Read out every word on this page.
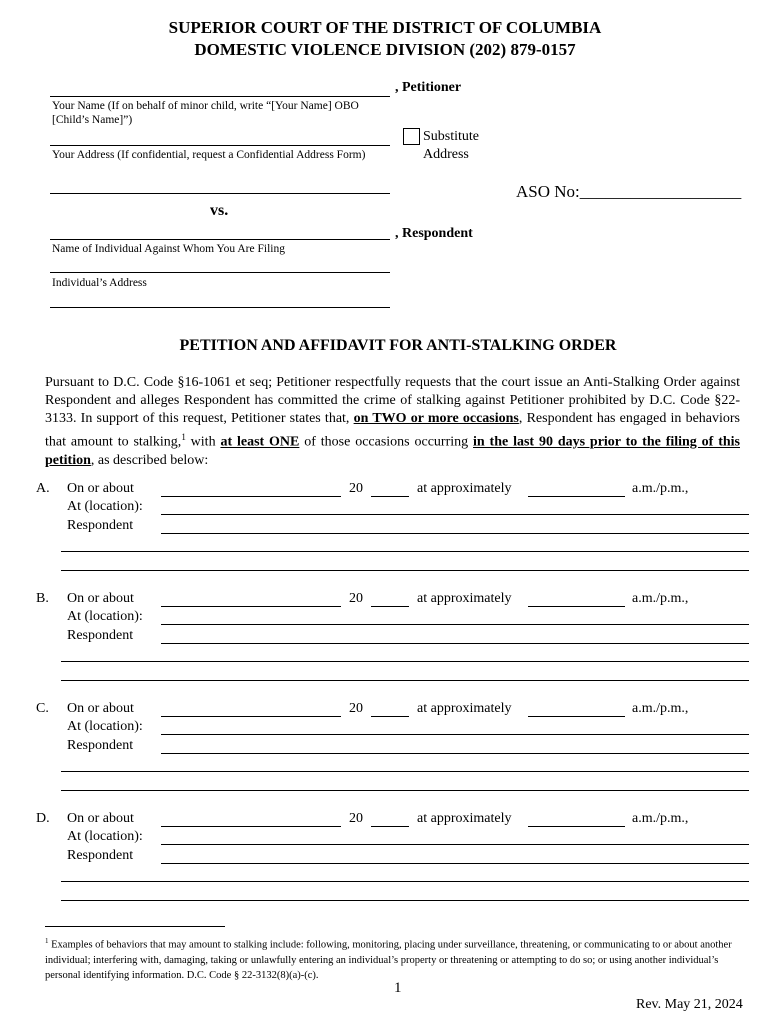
SUPERIOR COURT OF THE DISTRICT OF COLUMBIA
DOMESTIC VIOLENCE DIVISION (202) 879-0157
, Petitioner
Your Name (If on behalf of minor child, write “[Your Name] OBO [Child’s Name]”)
Your Address (If confidential, request a Confidential Address Form)
Substitute Address
ASO No:___________________
vs.
, Respondent
Name of Individual Against Whom You Are Filing
Individual’s Address
PETITION AND AFFIDAVIT FOR ANTI-STALKING ORDER
Pursuant to D.C. Code §16-1061 et seq; Petitioner respectfully requests that the court issue an Anti-Stalking Order against Respondent and alleges Respondent has committed the crime of stalking against Petitioner prohibited by D.C. Code §22-3133. In support of this request, Petitioner states that, on TWO or more occasions, Respondent has engaged in behaviors that amount to stalking,$^1$ with at least ONE of those occasions occurring in the last 90 days prior to the filing of this petition, as described below:
A. On or about	20	at approximately	a.m./p.m.,
At (location):
Respondent
B. On or about	20	at approximately	a.m./p.m.,
At (location):
Respondent
C. On or about	20	at approximately	a.m./p.m.,
At (location):
Respondent
D. On or about	20	at approximately	a.m./p.m.,
At (location):
Respondent
$^1$ Examples of behaviors that may amount to stalking include: following, monitoring, placing under surveillance, threatening, or communicating to or about another individual; interfering with, damaging, taking or unlawfully entering an individual’s property or threatening or attempting to do so; or using another individual’s personal identifying information. D.C. Code § 22-3132(8)(a)-(c).
1
Rev. May 21, 2024
